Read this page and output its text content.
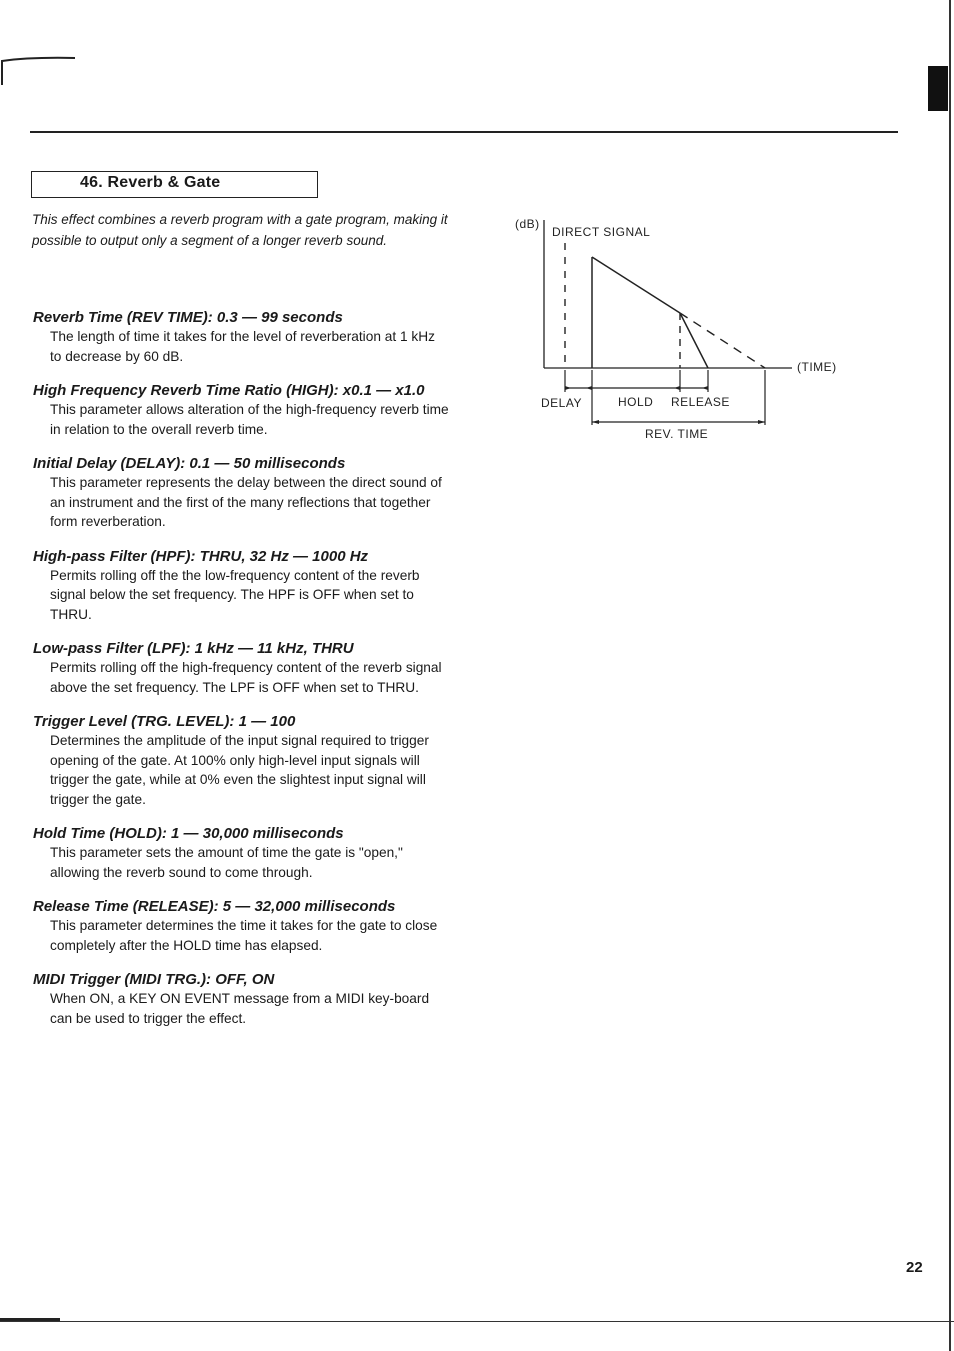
46. Reverb & Gate
This effect combines a reverb program with a gate program, making it possible to output only a segment of a longer reverb sound.
Reverb Time (REV TIME): 0.3 — 99 seconds

The length of time it takes for the level of reverberation at 1 kHz to decrease by 60 dB.

High Frequency Reverb Time Ratio (HIGH): x0.1 — x1.0

This parameter allows alteration of the high-frequency reverb time in relation to the overall reverb time.

Initial Delay (DELAY): 0.1 — 50 milliseconds

This parameter represents the delay between the direct sound of an instrument and the first of the many reflections that together form reverberation.

High-pass Filter (HPF): THRU, 32 Hz — 1000 Hz

Permits rolling off the the low-frequency content of the reverb signal below the set frequency. The HPF is OFF when set to THRU.

Low-pass Filter (LPF): 1 kHz — 11 kHz, THRU

Permits rolling off the high-frequency content of the reverb signal above the set frequency. The LPF is OFF when set to THRU.

Trigger Level (TRG. LEVEL): 1 — 100

Determines the amplitude of the input signal required to trigger opening of the gate. At 100% only high-level input signals will trigger the gate, while at 0% even the slightest input signal will trigger the gate.

Hold Time (HOLD): 1 — 30,000 milliseconds

This parameter sets the amount of time the gate is "open," allowing the reverb sound to come through.

Release Time (RELEASE): 5 — 32,000 milliseconds

This parameter determines the time it takes for the gate to close completely after the HOLD time has elapsed.

MIDI Trigger (MIDI TRG.): OFF, ON

When ON, a KEY ON EVENT message from a MIDI key-board can be used to trigger the effect.

(dB)
DIRECT SIGNAL
(TIME)
DELAY	HOLD RELEASE
REV. TIME
22
